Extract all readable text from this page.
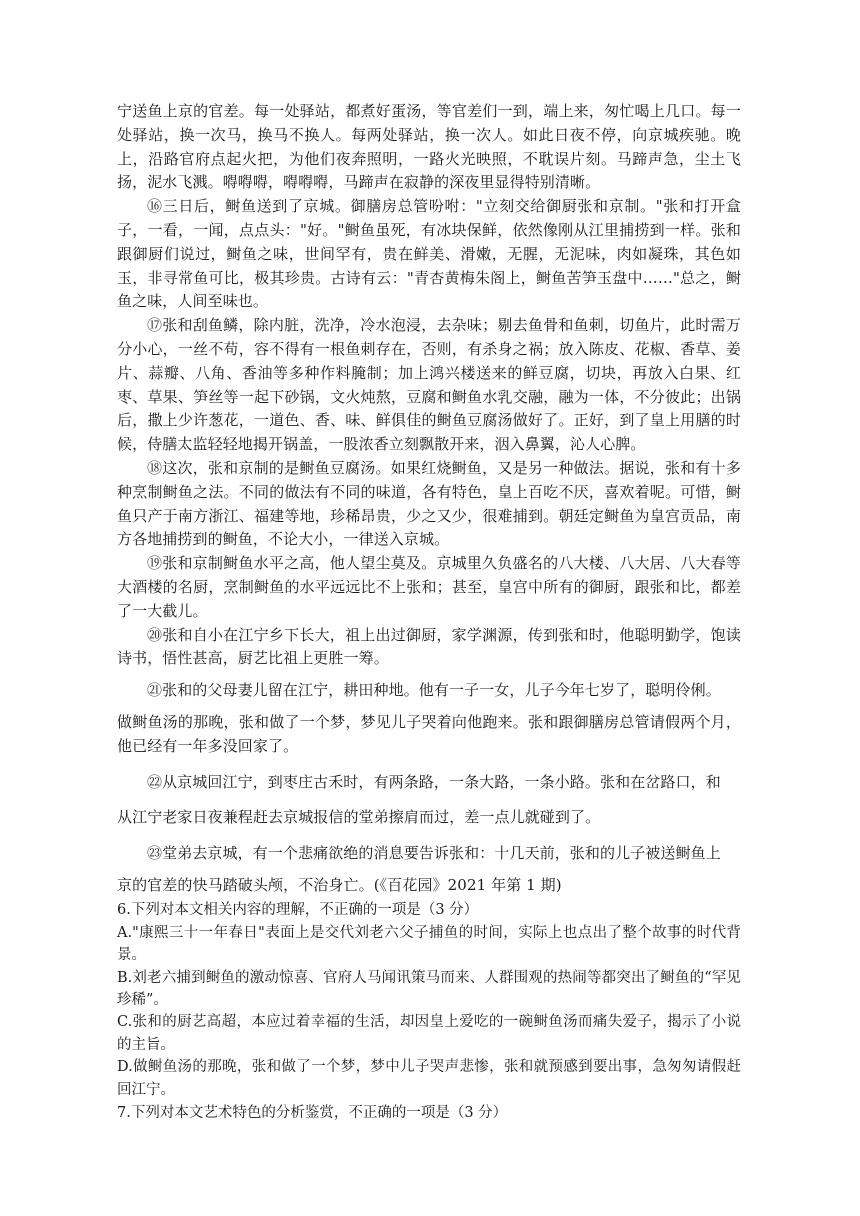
宁送鱼上京的官差。每一处驿站，都煮好蛋汤，等官差们一到，端上来，匆忙喝上几口。每一处驿站，换一次马，换马不换人。每两处驿站，换一次人。如此日夜不停，向京城疾驰。晚上，沿路官府点起火把，为他们夜奔照明，一路火光映照，不耽误片刻。马蹄声急，尘土飞扬，泥水飞溅。嘚嘚嘚，嘚嘚嘚，马蹄声在寂静的深夜里显得特别清晰。

⑯三日后，鲥鱼送到了京城。御膳房总管吩咐："立刻交给御厨张和京制。"张和打开盒子，一看，一闻，点点头："好。"鲥鱼虽死，有冰块保鲜，依然像刚从江里捕捞到一样。张和跟御厨们说过，鲥鱼之味，世间罕有，贵在鲜美、滑嫩，无腥，无泥味，肉如凝珠，其色如玉，非寻常鱼可比，极其珍贵。古诗有云："青杏黄梅朱阁上，鲥鱼苦笋玉盘中……"总之，鲥鱼之味，人间至味也。

⑰张和刮鱼鳞，除内脏，洗净，冷水泡浸，去杂味；剔去鱼骨和鱼刺，切鱼片，此时需万分小心，一丝不苟，容不得有一根鱼刺存在，否则，有杀身之祸；放入陈皮、花椒、香草、姜片、蒜瓣、八角、香油等多种作料腌制；加上鸿兴楼送来的鲜豆腐，切块，再放入白果、红枣、草果、笋丝等一起下砂锅，文火炖熬，豆腐和鲥鱼水乳交融，融为一体，不分彼此；出锅后，撒上少许葱花，一道色、香、味、鲜俱佳的鲥鱼豆腐汤做好了。正好，到了皇上用膳的时候，侍膳太监轻轻地揭开锅盖，一股浓香立刻飘散开来，洇入鼻翼，沁人心脾。

⑱这次，张和京制的是鲥鱼豆腐汤。如果红烧鲥鱼，又是另一种做法。据说，张和有十多种烹制鲥鱼之法。不同的做法有不同的味道，各有特色，皇上百吃不厌，喜欢着呢。可惜，鲥鱼只产于南方浙江、福建等地，珍稀昂贵，少之又少，很难捕到。朝廷定鲥鱼为皇宫贡品，南方各地捕捞到的鲥鱼，不论大小，一律送入京城。

⑲张和京制鲥鱼水平之高，他人望尘莫及。京城里久负盛名的八大楼、八大居、八大春等大酒楼的名厨，烹制鲥鱼的水平远远比不上张和；甚至，皇宫中所有的御厨，跟张和比，都差了一大截儿。

⑳张和自小在江宁乡下长大，祖上出过御厨，家学渊源，传到张和时，他聪明勤学，饱读诗书，悟性甚高，厨艺比祖上更胜一筹。

㉑张和的父母妻儿留在江宁，耕田种地。他有一子一女，儿子今年七岁了，聪明伶俐。

做鲥鱼汤的那晚，张和做了一个梦，梦见儿子哭着向他跑来。张和跟御膳房总管请假两个月，他已经有一年多没回家了。

㉒从京城回江宁，到枣庄古禾时，有两条路，一条大路，一条小路。张和在岔路口，和

从江宁老家日夜兼程赶去京城报信的堂弟擦肩而过，差一点儿就碰到了。

㉓堂弟去京城，有一个悲痛欲绝的消息要告诉张和：十几天前，张和的儿子被送鲥鱼上

京的官差的快马踏破头颅，不治身亡。(《百花园》2021 年第 1 期)

6.下列对本文相关内容的理解，不正确的一项是（3 分）

A."康熙三十一年春日"表面上是交代刘老六父子捕鱼的时间，实际上也点出了整个故事的时代背景。

B.刘老六捕到鲥鱼的激动惊喜、官府人马闻讯策马而来、人群围观的热闹等都突出了鲥鱼的“罕见珍稀”。

C.张和的厨艺高超，本应过着幸福的生活，却因皇上爱吃的一碗鲥鱼汤而痛失爱子，揭示了小说的主旨。

D.做鲥鱼汤的那晚，张和做了一个梦，梦中儿子哭声悲惨，张和就预感到要出事，急匆匆请假赶回江宁。

7.下列对本文艺术特色的分析鉴赏，不正确的一项是（3 分）
